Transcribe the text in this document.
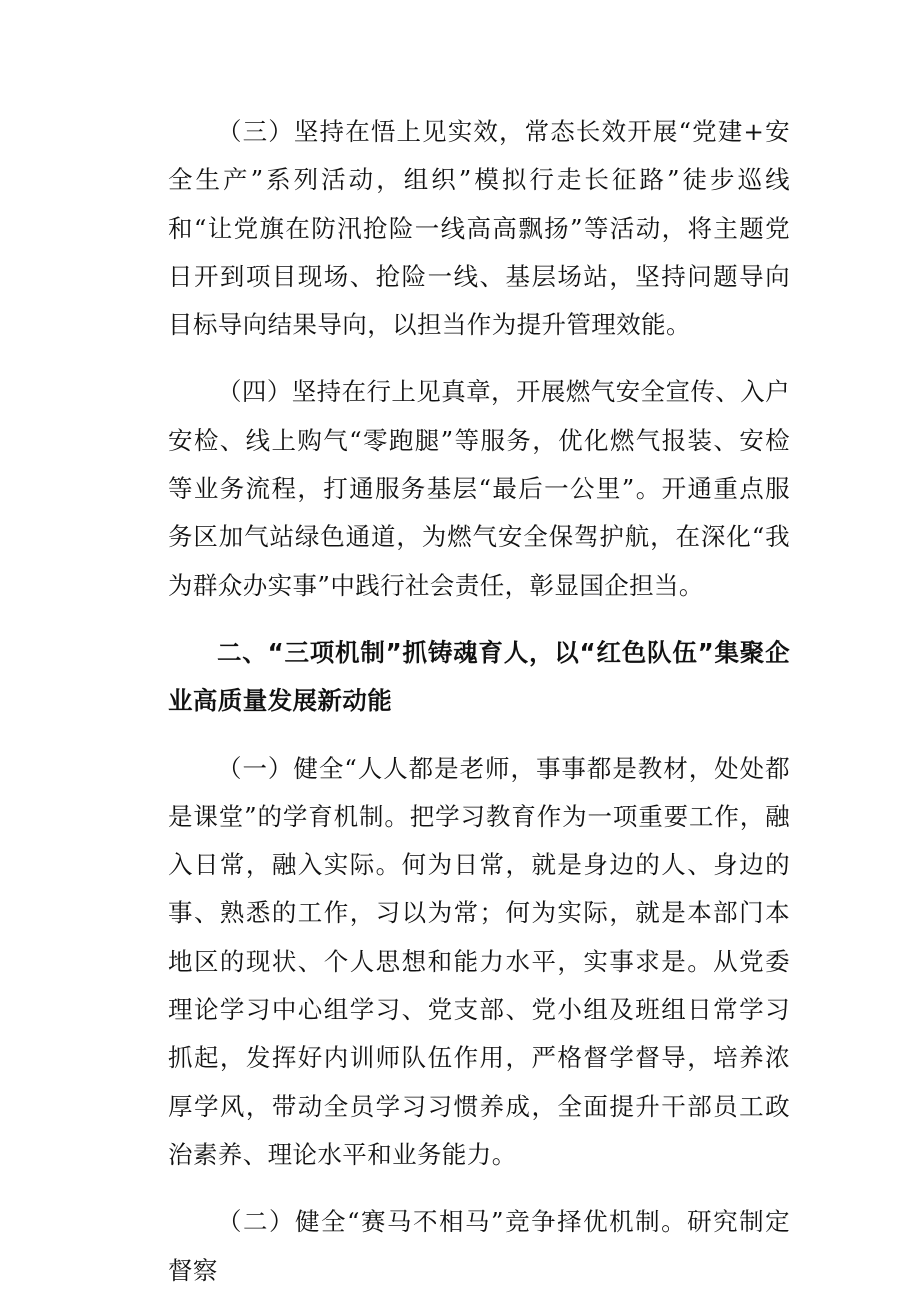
（三）坚持在悟上见实效，常态长效开展“党建+安全生产”系列活动，组织”模拟行走长征路”徒步巡线和“让党旗在防汛抢险一线高高飘扬”等活动，将主题党日开到项目现场、抢险一线、基层场站，坚持问题导向目标导向结果导向，以担当作为提升管理效能。

（四）坚持在行上见真章，开展燃气安全宣传、入户安检、线上购气“零跑腿”等服务，优化燃气报装、安检等业务流程，打通服务基层“最后一公里”。开通重点服务区加气站绿色通道，为燃气安全保驾护航，在深化“我为群众办实事”中践行社会责任，彰显国企担当。

二、“三项机制”抓铸魂育人，以“红色队伍”集聚企业高质量发展新动能

（一）健全“人人都是老师，事事都是教材，处处都是课堂”的学育机制。把学习教育作为一项重要工作，融入日常，融入实际。何为日常，就是身边的人、身边的事、熟悉的工作，习以为常；何为实际，就是本部门本地区的现状、个人思想和能力水平，实事求是。从党委理论学习中心组学习、党支部、党小组及班组日常学习抓起，发挥好内训师队伍作用，严格督学督导，培养浓厚学风，带动全员学习习惯养成，全面提升干部员工政治素养、理论水平和业务能力。

（二）健全“赛马不相马”竞争择优机制。研究制定督察
